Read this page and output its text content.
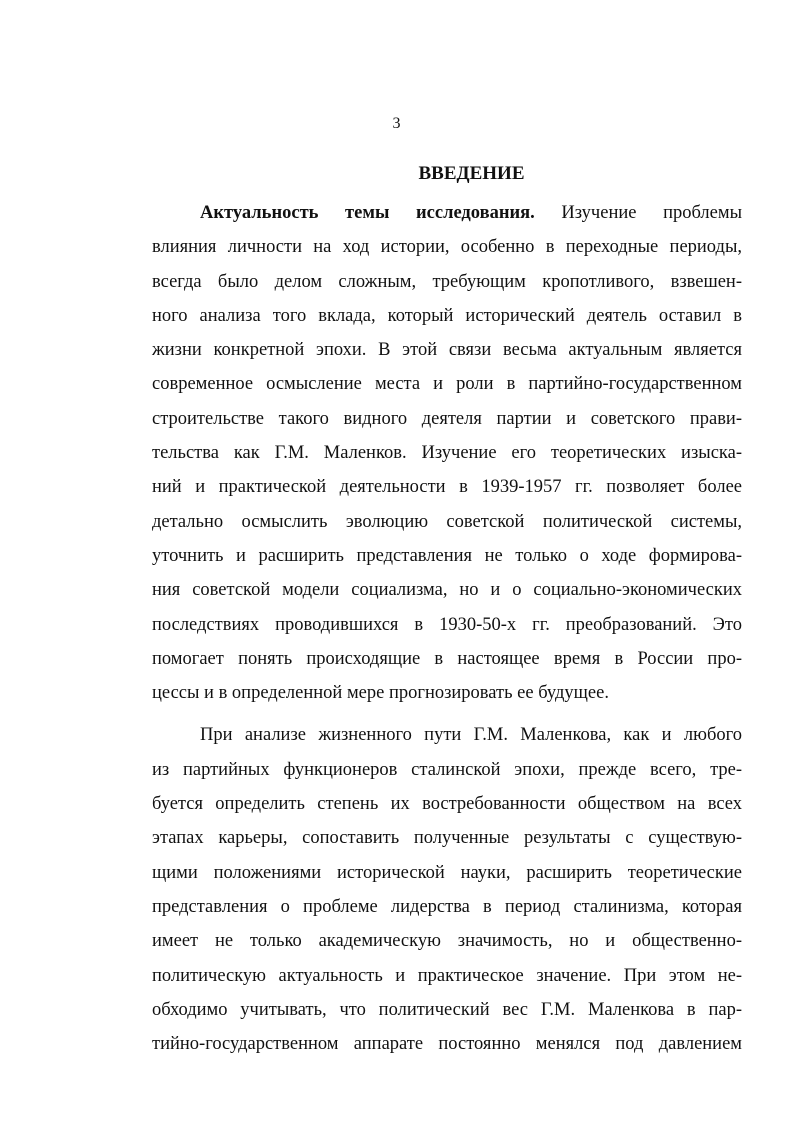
3
ВВЕДЕНИЕ
Актуальность темы исследования. Изучение проблемы
влияния личности на ход истории, особенно в переходные периоды,
всегда было делом сложным, требующим кропотливого, взвешен-
ного анализа того вклада, который исторический деятель оставил в
жизни конкретной эпохи. В этой связи весьма актуальным является
современное осмысление места и роли в партийно-государственном
строительстве такого видного деятеля партии и советского прави-
тельства как Г.М. Маленков. Изучение его теоретических изыска-
ний и практической деятельности в 1939-1957 гг. позволяет более
детально осмыслить эволюцию советской политической системы,
уточнить и расширить представления не только о ходе формирова-
ния советской модели социализма, но и о социально-экономических
последствиях проводившихся в 1930-50-х гг. преобразований. Это
помогает понять происходящие в настоящее время в России про-
цессы и в определенной мере прогнозировать ее будущее.
При анализе жизненного пути Г.М. Маленкова, как и любого
из партийных функционеров сталинской эпохи, прежде всего, тре-
буется определить степень их востребованности обществом на всех
этапах карьеры, сопоставить полученные результаты с существую-
щими положениями исторической науки, расширить теоретические
представления о проблеме лидерства в период сталинизма, которая
имеет не только академическую значимость, но и общественно-
политическую актуальность и практическое значение. При этом не-
обходимо учитывать, что политический вес Г.М. Маленкова в пар-
тийно-государственном аппарате постоянно менялся под давлением
